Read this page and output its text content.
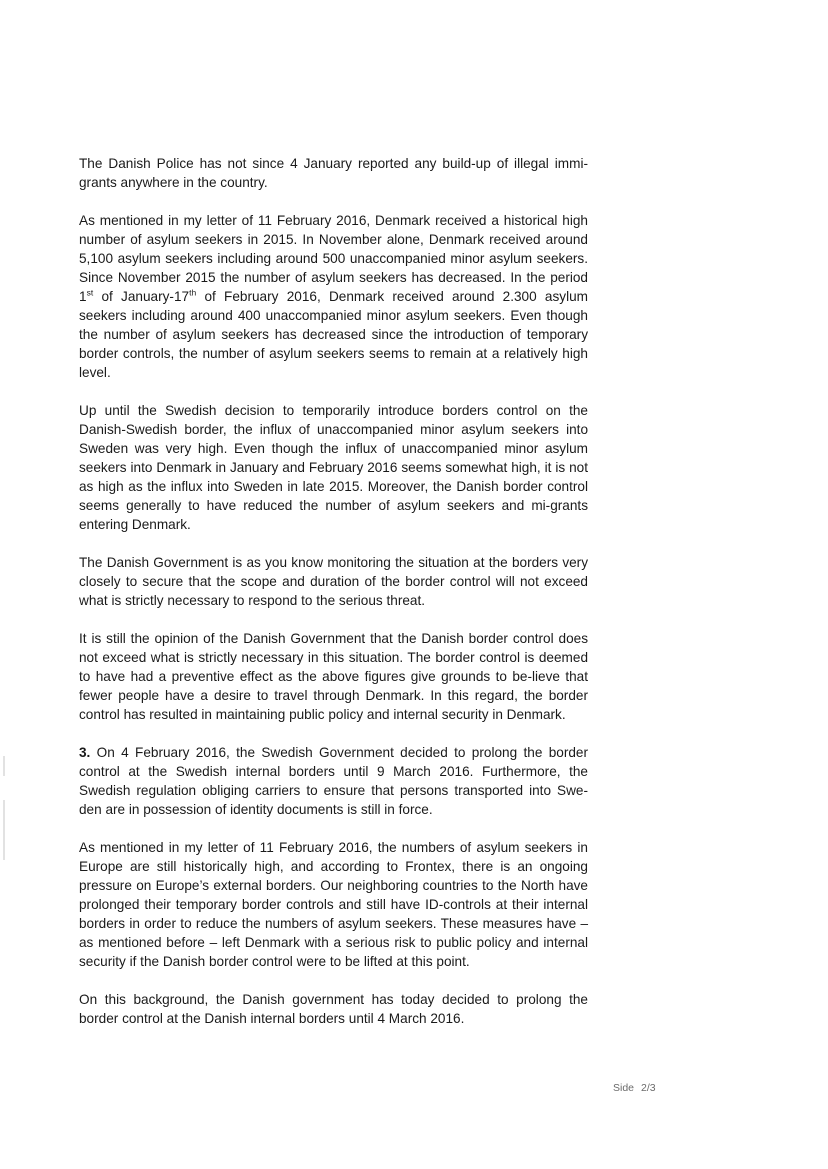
The Danish Police has not since 4 January reported any build-up of illegal immi-grants anywhere in the country.

As mentioned in my letter of 11 February 2016, Denmark received a historical high number of asylum seekers in 2015. In November alone, Denmark received around 5,100 asylum seekers including around 500 unaccompanied minor asylum seekers. Since November 2015 the number of asylum seekers has decreased. In the period 1st of January-17th of February 2016, Denmark received around 2.300 asylum seekers including around 400 unaccompanied minor asylum seekers. Even though the number of asylum seekers has decreased since the introduction of temporary border controls, the number of asylum seekers seems to remain at a relatively high level.

Up until the Swedish decision to temporarily introduce borders control on the Danish-Swedish border, the influx of unaccompanied minor asylum seekers into Sweden was very high. Even though the influx of unaccompanied minor asylum seekers into Denmark in January and February 2016 seems somewhat high, it is not as high as the influx into Sweden in late 2015. Moreover, the Danish border control seems generally to have reduced the number of asylum seekers and mi-grants entering Denmark.

The Danish Government is as you know monitoring the situation at the borders very closely to secure that the scope and duration of the border control will not exceed what is strictly necessary to respond to the serious threat.

It is still the opinion of the Danish Government that the Danish border control does not exceed what is strictly necessary in this situation. The border control is deemed to have had a preventive effect as the above figures give grounds to be-lieve that fewer people have a desire to travel through Denmark. In this regard, the border control has resulted in maintaining public policy and internal security in Denmark.

3. On 4 February 2016, the Swedish Government decided to prolong the border control at the Swedish internal borders until 9 March 2016. Furthermore, the Swedish regulation obliging carriers to ensure that persons transported into Swe-den are in possession of identity documents is still in force.

As mentioned in my letter of 11 February 2016, the numbers of asylum seekers in Europe are still historically high, and according to Frontex, there is an ongoing pressure on Europe’s external borders. Our neighboring countries to the North have prolonged their temporary border controls and still have ID-controls at their internal borders in order to reduce the numbers of asylum seekers. These measures have – as mentioned before – left Denmark with a serious risk to public policy and internal security if the Danish border control were to be lifted at this point.

On this background, the Danish government has today decided to prolong the border control at the Danish internal borders until 4 March 2016.

Side 2/3
